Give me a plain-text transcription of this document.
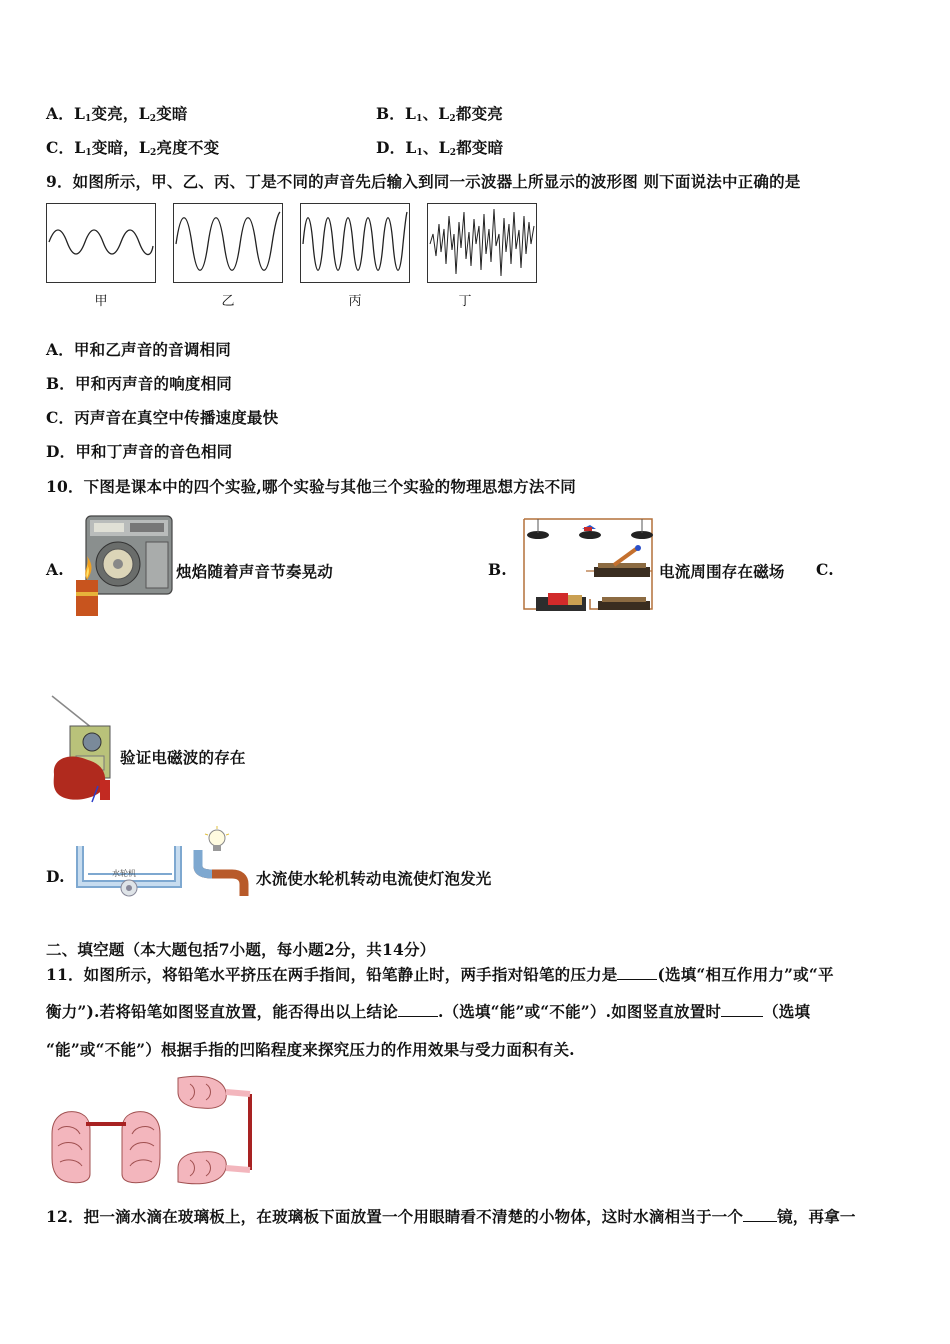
A．$L_1$变亮，$L_2$变暗	B．$L_1$、$L_2$都变亮
C．$L_1$变暗，$L_2$亮度不变	D．$L_1$、$L_2$都变暗
9．如图所示，甲、乙、丙、丁是不同的声音先后输入到同一示波器上所显示的波形图 则下面说法中正确的是
甲	乙	丙	丁
A．甲和乙声音的音调相同
B．甲和丙声音的响度相同
C．丙声音在真空中传播速度最快
D．甲和丁声音的音色相同
10．下图是课本中的四个实验,哪个实验与其他三个实验的物理思想方法不同
A.	烛焰随着声音节奏晃动	B.	电流周围存在磁场 C.
验证电磁波的存在
D.	水轮机	水流使水轮机转动电流使灯泡发光
二、填空题（本大题包括7小题，每小题2分，共14分）
11．如图所示，将铅笔水平挤压在两手指间，铅笔静止时，两手指对铅笔的压力是	(选填“相互作用力”或“平
衡力”).若将铅笔如图竖直放置，能否得出以上结论	.（选填“能”或“不能”）.如图竖直放置时	（选填
“能”或“不能”）根据手指的凹陷程度来探究压力的作用效果与受力面积有关.
12．把一滴水滴在玻璃板上，在玻璃板下面放置一个用眼睛看不清楚的小物体，这时水滴相当于一个 镜，再拿一
